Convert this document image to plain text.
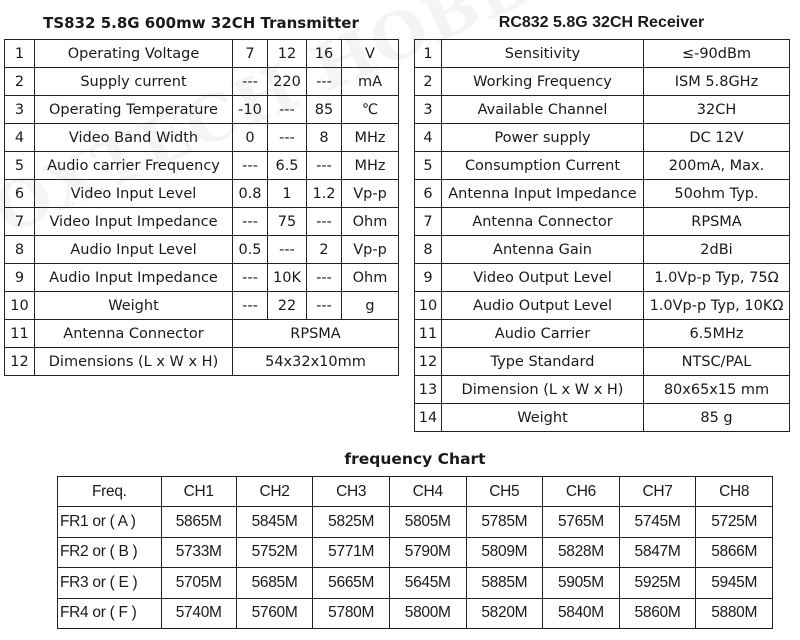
TS832 5.8G 600mw 32CH Transmitter
1	Operating Voltage	7	12	16	V
2	Supply current	---	220	---	mA
3	Operating Temperature	-10	---	85	℃
4	Video Band Width	0	---	8	MHz
5	Audio carrier Frequency	---	6.5	---	MHz
6	Video Input Level	0.8	1	1.2	Vp-p
7	Video Input Impedance	---	75	---	Ohm
8	Audio Input Level	0.5	---	2	Vp-p
9	Audio Input Impedance	---	10K	---	Ohm
10	Weight	---	22	---	g
11	Antenna Connector	RPSMA			
12	Dimensions (L x W x H)	54x32x10mm			
RC832 5.8G 32CH Receiver
1	Sensitivity	≤-90dBm
2	Working Frequency	ISM 5.8GHz
3	Available Channel	32CH
4	Power supply	DC 12V
5	Consumption Current	200mA, Max.
6	Antenna Input Impedance	50ohm Typ.
7	Antenna Connector	RPSMA
8	Antenna Gain	2dBi
9	Video Output Level	1.0Vp-p Typ, 75Ω
10	Audio Output Level	1.0Vp-p Typ, 10KΩ
11	Audio Carrier	6.5MHz
12	Type Standard	NTSC/PAL
13	Dimension (L x W x H)	80x65x15 mm
14	Weight	85 g
frequency Chart
Freq.	CH1	CH2	CH3	CH4	CH5	CH6	CH7	CH8
FR1 or ( A )	5865M	5845M	5825M	5805M	5785M	5765M	5745M	5725M
FR2 or ( B )	5733M	5752M	5771M	5790M	5809M	5828M	5847M	5866M
FR3 or ( E )	5705M	5685M	5665M	5645M	5885M	5905M	5925M	5945M
FR4 or ( F )	5740M	5760M	5780M	5800M	5820M	5840M	5860M	5880M
